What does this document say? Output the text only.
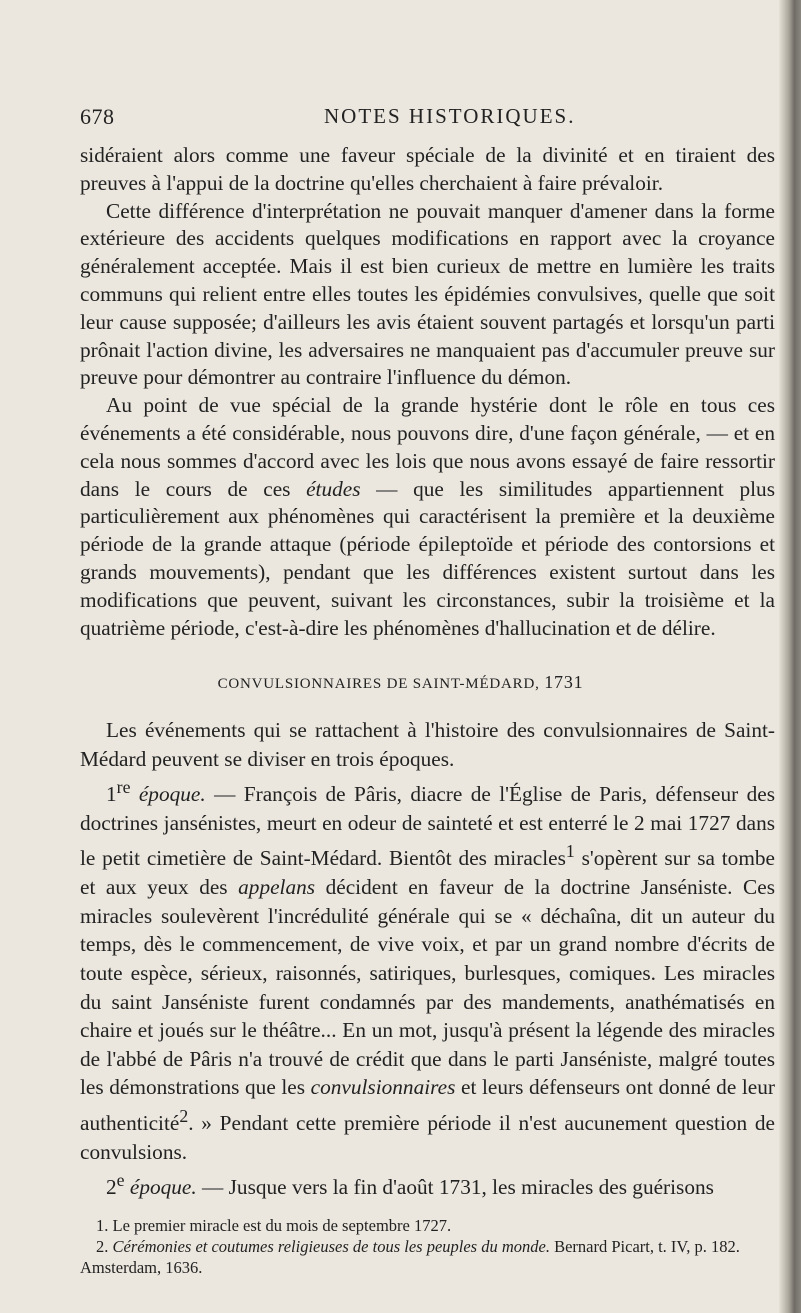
678	NOTES HISTORIQUES.

sidéraient alors comme une faveur spéciale de la divinité et en tiraient des preuves à l'appui de la doctrine qu'elles cherchaient à faire prévaloir.

Cette différence d'interprétation ne pouvait manquer d'amener dans la forme extérieure des accidents quelques modifications en rapport avec la croyance généralement acceptée. Mais il est bien curieux de mettre en lumière les traits communs qui relient entre elles toutes les épidémies convulsives, quelle que soit leur cause supposée; d'ailleurs les avis étaient souvent partagés et lorsqu'un parti prônait l'action divine, les adversaires ne manquaient pas d'accumuler preuve sur preuve pour démontrer au contraire l'influence du démon.

Au point de vue spécial de la grande hystérie dont le rôle en tous ces événements a été considérable, nous pouvons dire, d'une façon générale, — et en cela nous sommes d'accord avec les lois que nous avons essayé de faire ressortir dans le cours de ces études — que les similitudes appartiennent plus particulièrement aux phénomènes qui caractérisent la première et la deuxième période de la grande attaque (période épileptoïde et période des contorsions et grands mouvements), pendant que les différences existent surtout dans les modifications que peuvent, suivant les circonstances, subir la troisième et la quatrième période, c'est-à-dire les phénomènes d'hallucination et de délire.

CONVULSIONNAIRES DE SAINT-MÉDARD, 1731

Les événements qui se rattachent à l'histoire des convulsionnaires de Saint-Médard peuvent se diviser en trois époques.

1re époque. — François de Pâris, diacre de l'Église de Paris, défenseur des doctrines jansénistes, meurt en odeur de sainteté et est enterré le 2 mai 1727 dans le petit cimetière de Saint-Médard. Bientôt des miracles$^1$ s'opèrent sur sa tombe et aux yeux des appelans décident en faveur de la doctrine Janséniste. Ces miracles soulevèrent l'incrédulité générale qui se « déchaîna, dit un auteur du temps, dès le commencement, de vive voix, et par un grand nombre d'écrits de toute espèce, sérieux, raisonnés, satiriques, burlesques, comiques. Les miracles du saint Janséniste furent condamnés par des mandements, anathématisés en chaire et joués sur le théâtre... En un mot, jusqu'à présent la légende des miracles de l'abbé de Pâris n'a trouvé de crédit que dans le parti Janséniste, malgré toutes les démonstrations que les convulsionnaires et leurs défenseurs ont donné de leur authenticité$^2$. » Pendant cette première période il n'est aucunement question de convulsions.

2e époque. — Jusque vers la fin d'août 1731, les miracles des guérisons

1. Le premier miracle est du mois de septembre 1727.

2. Cérémonies et coutumes religieuses de tous les peuples du monde. Bernard Picart, t. IV, p. 182. Amsterdam, 1636.
